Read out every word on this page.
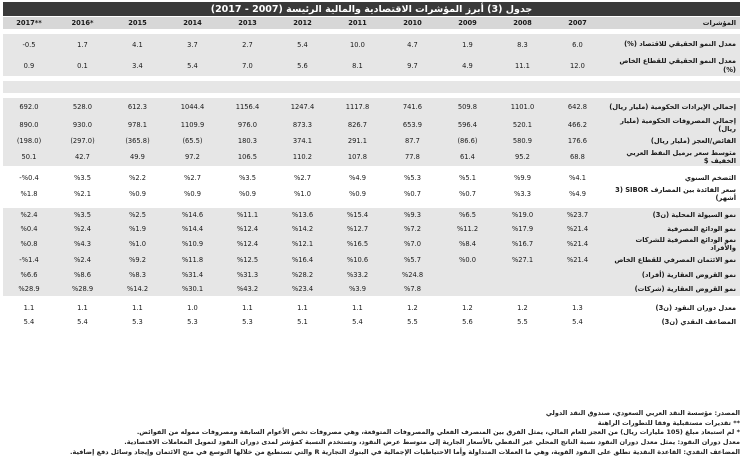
جدول (3) أبرز المؤشرات الاقتصادية والمالية الرئيسة (2007 - 2017)
2017**	2016*	2015	2014	2013	2012	2011	2010	2009	2008	2007	المؤشرات

-0.5	1.7	4.1	3.7	2.7	5.4	10.0	4.7	1.9	8.3	6.0	معدل النمو الحقيقي للاقتصاد (%)
0.9	0.1	3.4	5.4	7.0	5.6	8.1	9.7	4.9	11.1	12.0	معدل النمو الحقيقي للقطاع الخاص (%)

692.0	528.0	612.3	1044.4	1156.4	1247.4	1117.8	741.6	509.8	1101.0	642.8	إجمالي الإيرادات الحكومية (مليار ريال)
890.0	930.0	978.1	1109.9	976.0	873.3	826.7	653.9	596.4	520.1	466.2	إجمالي المصروفات الحكومية (مليار ريال)
(198.0)	(297.0)	(365.8)	(65.5)	180.3	374.1	291.1	87.7	(86.6)	580.9	176.6	الفائض/العجز (مليار ريال)
50.1	42.7	49.9	97.2	106.5	110.2	107.8	77.8	61.4	95.2	68.8	متوسط سعر برميل النفط العربي الخفيف $

-%0.4	%3.5	%2.2	%2.7	%3.5	%2.7	%4.9	%5.3	%5.1	%9.9	%4.1	التضخم السنوي
%1.8	%2.1	%0.9	%0.9	%0.9	%1.0	%0.9	%0.7	%0.7	%3.3	%4.9	سعر الفائدة بين المصارف SIBOR (3 أشهر)

%2.4	%3.5	%2.5	%14.6	%11.1	%13.6	%15.4	%9.3	%6.5	%19.0	%23.7	نمو السيولة المحلية (ن3)
%0.4	%2.4	%1.9	%14.4	%12.4	%14.2	%12.7	%7.2	%11.2	%17.9	%21.4	نمو الودائع المصرفية
%0.8	%4.3	%1.0	%10.9	%12.4	%12.1	%16.5	%7.0	%8.4	%16.7	%21.4	نمو الودائع المصرفية للشركات والأفراد
-%1.4	%2.4	%9.2	%11.8	%12.5	%16.4	%10.6	%5.7	%0.0	%27.1	%21.4	نمو الائتمان المصرفي للقطاع الخاص
%6.6	%8.6	%8.3	%31.4	%31.3	%28.2	%33.2	%24.8				نمو القروض العقارية (أفراد)
%28.9	%28.9	%14.2	%30.1	%43.2	%23.4	%3.9	%7.8				نمو القروض العقارية (شركات)

1.1	1.1	1.1	1.0	1.1	1.1	1.1	1.2	1.2	1.2	1.3	معدل دوران النقود (ن3)
5.4	5.4	5.3	5.3	5.3	5.1	5.4	5.5	5.6	5.5	5.4	المضاعف النقدي (ن3)
المصدر: مؤسسة النقد العربي السعودي، صندوق النقد الدولي
** تقديرات مستقبلية وفقا للتطورات الراهنة
* لم استبعاد مبلغ (105 مليارات ريال) من العجز للعام المالي، يمثل الفرق بين المنصرف الفعلي والمصروفات المتوقعة، وهي مصروفات تخص الأعوام السابقة ومصروفات مموله من الفوائض.
معدل دوران النقود: يمثل معدل دوران النقود نسبة الناتج المحلي غير النفطي بالأسعار الجارية إلى متوسط عرض النقود، وتستخدم النسبة كمؤشر لمدى دوران النقود لتمويل المعاملات الاقتصادية.
المضاعف النقدي: القاعدة النقدية تطلق على النقود القوية، وهي ما العملات المتداولة وأما الاحتياطيات الإجمالية في البنوك التجارية R والتي تستطيع من خلالها التوسع في منح الائتمان وإيجاد وسائل دفع إضافية.
